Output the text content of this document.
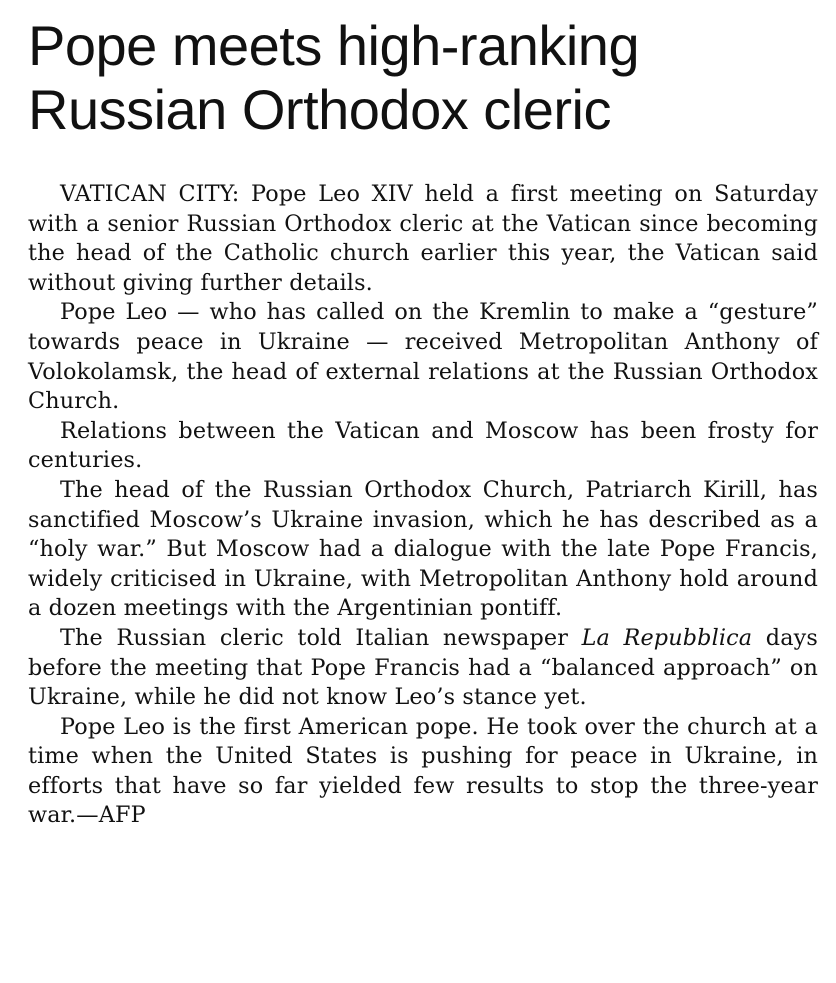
Pope meets high-ranking
Russian Orthodox cleric

VATICAN CITY: Pope Leo XIV held a first meeting on Saturday with a senior Russian Orthodox cleric at the Vatican since becoming the head of the Catholic church earlier this year, the Vatican said without giving further details.

Pope Leo — who has called on the Kremlin to make a “gesture” towards peace in Ukraine — received Metropolitan Anthony of Volokolamsk, the head of external relations at the Russian Orthodox Church.

Relations between the Vatican and Moscow has been frosty for centuries.

The head of the Russian Orthodox Church, Patriarch Kirill, has sanctified Moscow’s Ukraine invasion, which he has described as a “holy war.” But Moscow had a dialogue with the late Pope Francis, widely criticised in Ukraine, with Metropolitan Anthony hold around a dozen meetings with the Argentinian pontiff.

The Russian cleric told Italian newspaper La Repubblica days before the meeting that Pope Francis had a “balanced approach” on Ukraine, while he did not know Leo’s stance yet.

Pope Leo is the first American pope. He took over the church at a time when the United States is pushing for peace in Ukraine, in efforts that have so far yielded few results to stop the three-year war.—AFP
